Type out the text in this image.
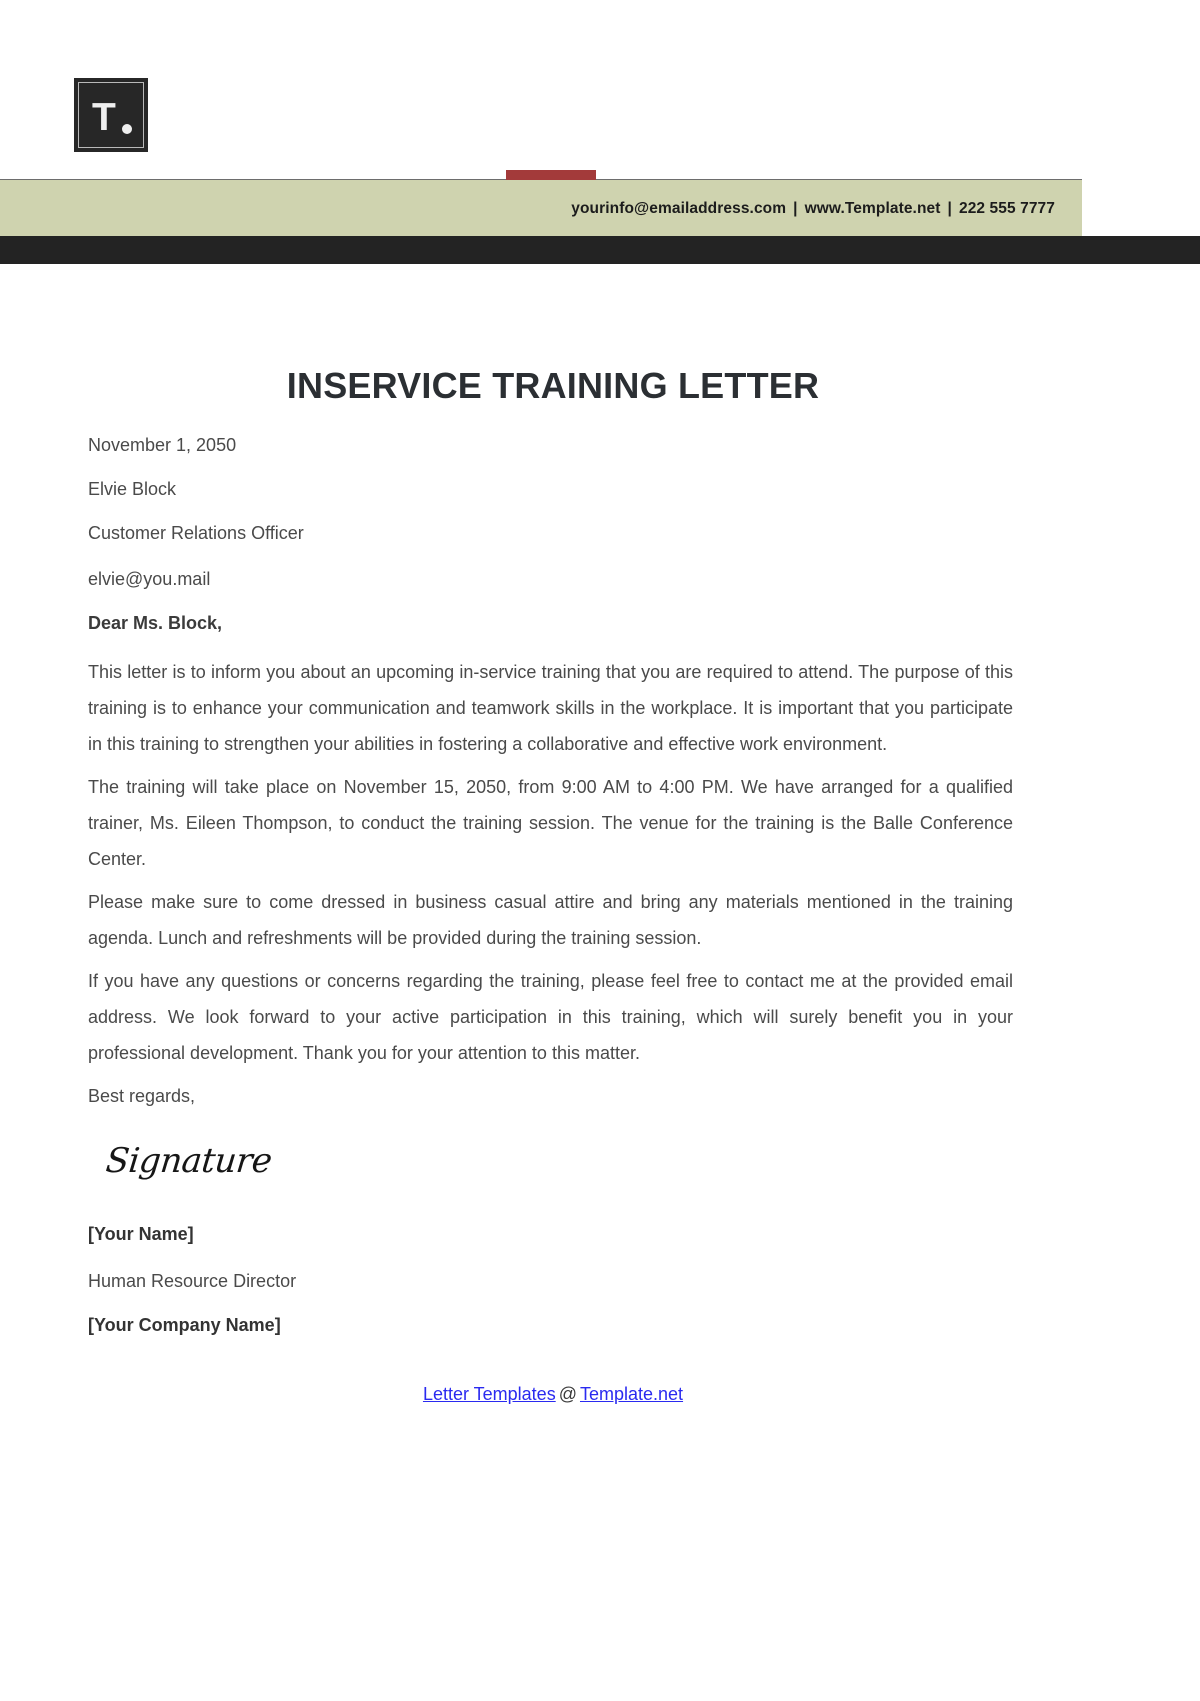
T
yourinfo@emailaddress.com | www.Template.net | 222 555 7777
INSERVICE TRAINING LETTER

November 1, 2050

Elvie Block

Customer Relations Officer

elvie@you.mail

Dear Ms. Block,

This letter is to inform you about an upcoming in-service training that you are required to attend. The purpose of this training is to enhance your communication and teamwork skills in the workplace. It is important that you participate in this training to strengthen your abilities in fostering a collaborative and effective work environment.

The training will take place on November 15, 2050, from 9:00 AM to 4:00 PM. We have arranged for a qualified trainer, Ms. Eileen Thompson, to conduct the training session. The venue for the training is the Balle Conference Center.

Please make sure to come dressed in business casual attire and bring any materials mentioned in the training agenda. Lunch and refreshments will be provided during the training session.

If you have any questions or concerns regarding the training, please feel free to contact me at the provided email address. We look forward to your active participation in this training, which will surely benefit you in your professional development. Thank you for your attention to this matter.

Best regards,

Signature

[Your Name]

Human Resource Director

[Your Company Name]

Letter Templates @ Template.net
